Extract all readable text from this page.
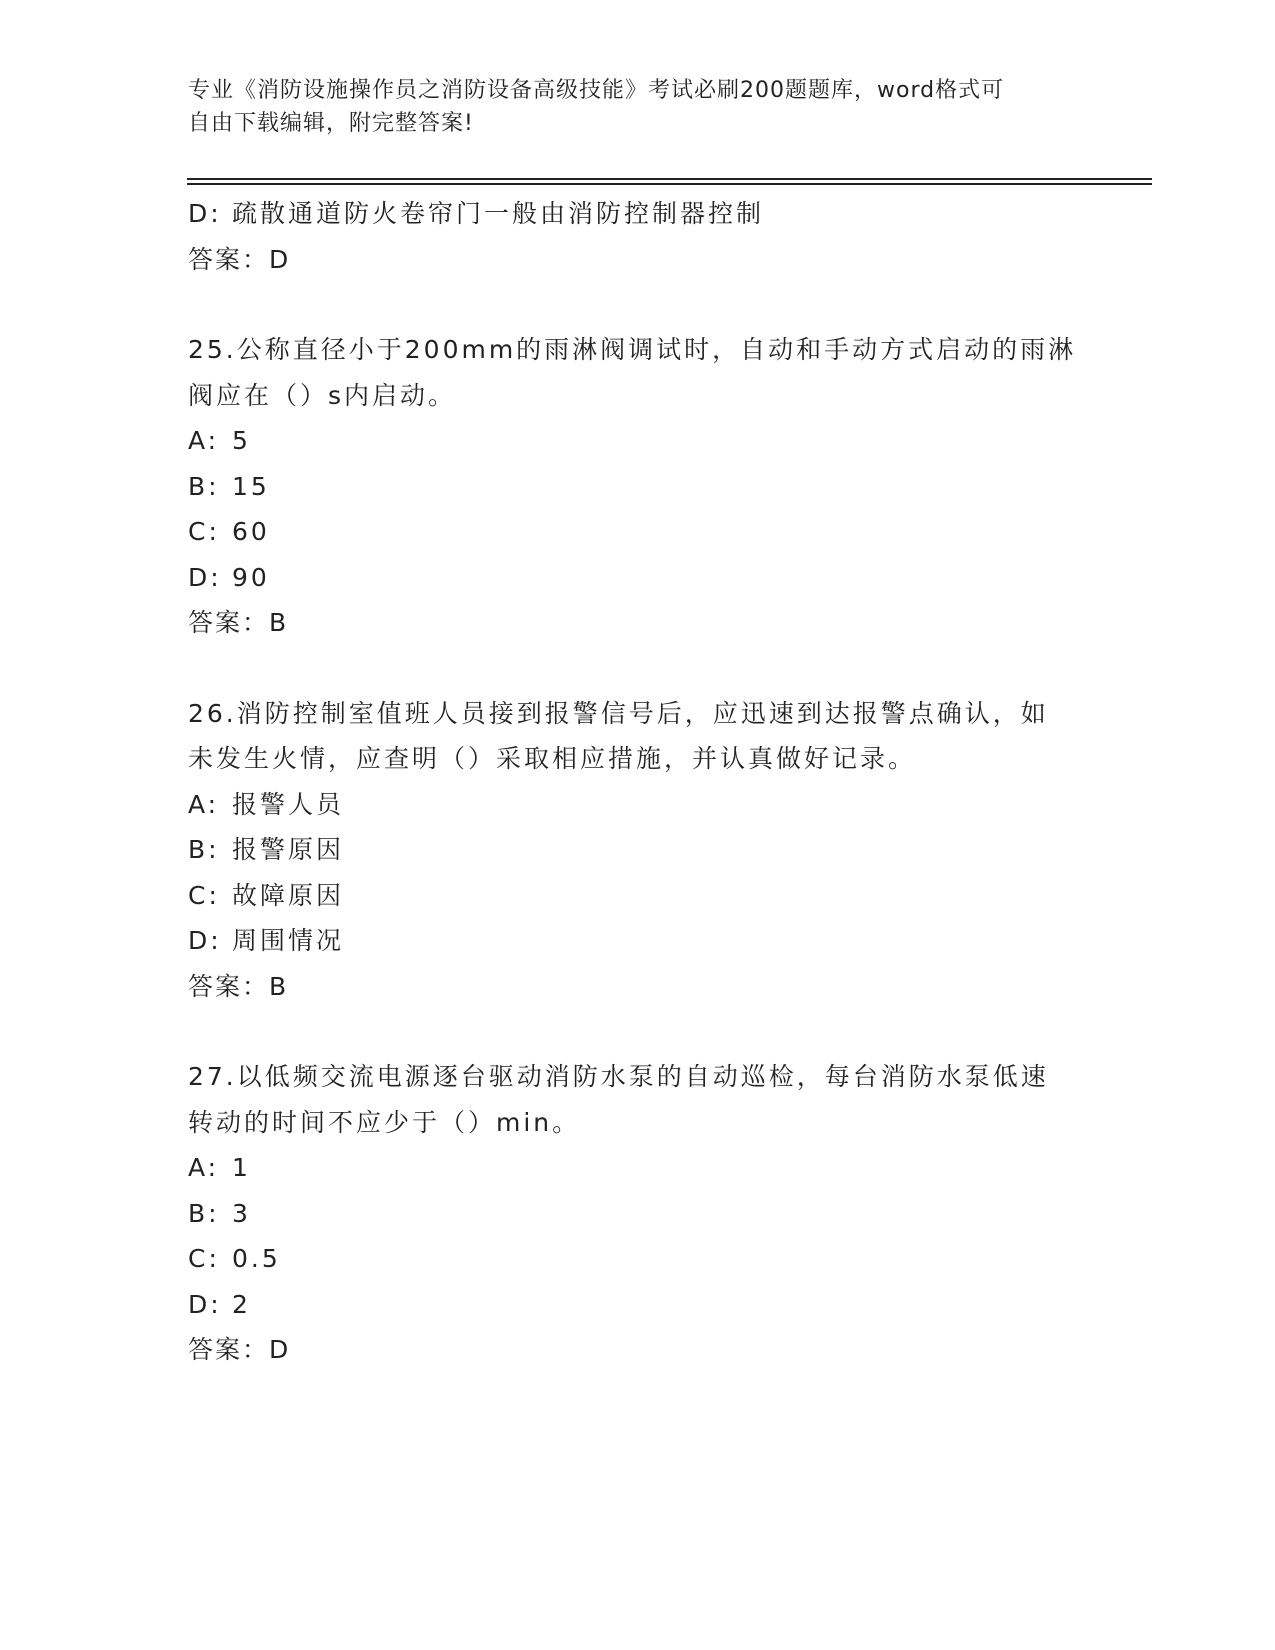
专业《消防设施操作员之消防设备高级技能》考试必刷200题题库，word格式可
自由下载编辑，附完整答案!
D: 疏散通道防火卷帘门一般由消防控制器控制
答案：D
25.公称直径小于200mm的雨淋阀调试时，自动和手动方式启动的雨淋
阀应在（）s内启动。
A: 5
B: 15
C: 60
D: 90
答案：B
26.消防控制室值班人员接到报警信号后，应迅速到达报警点确认，如
未发生火情，应查明（）采取相应措施，并认真做好记录。
A: 报警人员
B: 报警原因
C: 故障原因
D: 周围情况
答案：B
27.以低频交流电源逐台驱动消防水泵的自动巡检，每台消防水泵低速
转动的时间不应少于（）min。
A: 1
B: 3
C: 0.5
D: 2
答案：D
